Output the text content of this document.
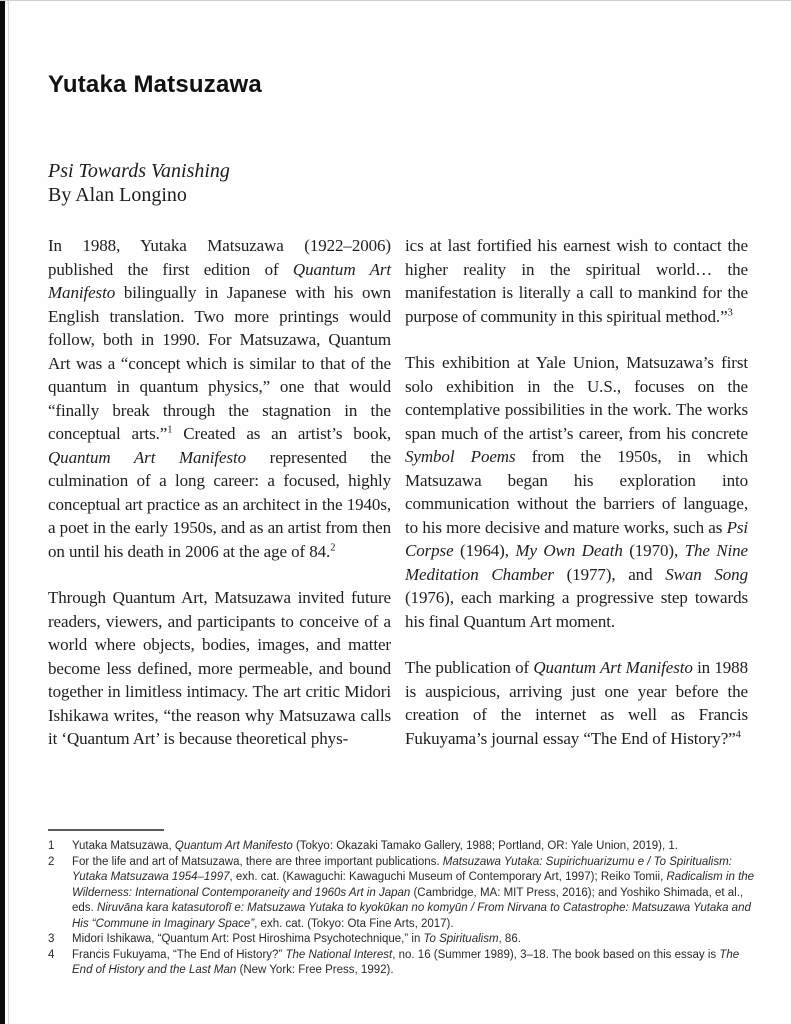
Yutaka Matsuzawa
Psi Towards Vanishing
By Alan Longino

In 1988, Yutaka Matsuzawa (1922–2006) published the first edition of Quantum Art Manifesto bilingually in Japanese with his own English translation. Two more printings would follow, both in 1990. For Matsuzawa, Quantum Art was a “concept which is similar to that of the quantum in quantum physics,” one that would “finally break through the stagnation in the conceptual arts.”$^1$ Created as an artist’s book, Quantum Art Manifesto represented the culmination of a long career: a focused, highly conceptual art practice as an architect in the 1940s, a poet in the early 1950s, and as an artist from then on until his death in 2006 at the age of 84.$^2$

Through Quantum Art, Matsuzawa invited future readers, viewers, and participants to conceive of a world where objects, bodies, images, and matter become less defined, more permeable, and bound together in limitless intimacy. The art critic Midori Ishikawa writes, “the reason why Matsuzawa calls it ‘Quantum Art’ is because theoretical phys-

ics at last fortified his earnest wish to contact the higher reality in the spiritual world… the manifestation is literally a call to mankind for the purpose of community in this spiritual method.”$^3$

This exhibition at Yale Union, Matsuzawa’s first solo exhibition in the U.S., focuses on the contemplative possibilities in the work. The works span much of the artist’s career, from his concrete Symbol Poems from the 1950s, in which Matsuzawa began his exploration into communication without the barriers of language, to his more decisive and mature works, such as Psi Corpse (1964), My Own Death (1970), The Nine Meditation Chamber (1977), and Swan Song (1976), each marking a progressive step towards his final Quantum Art moment.

The publication of Quantum Art Manifesto in 1988 is auspicious, arriving just one year before the creation of the internet as well as Francis Fukuyama’s journal essay “The End of History?”$^4$

1	Yutaka Matsuzawa, Quantum Art Manifesto (Tokyo: Okazaki Tamako Gallery, 1988; Portland, OR: Yale Union, 2019), 1.
2	For the life and art of Matsuzawa, there are three important publications. Matsuzawa Yutaka: Supirichuarizumu e / To Spiritualism: Yutaka Matsuzawa 1954–1997, exh. cat. (Kawaguchi: Kawaguchi Museum of Contemporary Art, 1997); Reiko Tomii, Radicalism in the Wilderness: International Contemporaneity and 1960s Art in Japan (Cambridge, MA: MIT Press, 2016); and Yoshiko Shimada, et al., eds. Niruvāna kara katasutorofī e: Matsuzawa Yutaka to kyokūkan no komyūn / From Nirvana to Catastrophe: Matsuzawa Yutaka and His “Commune in Imaginary Space”, exh. cat. (Tokyo: Ota Fine Arts, 2017).
3	Midori Ishikawa, “Quantum Art: Post Hiroshima Psychotechnique,” in To Spiritualism, 86.
4	Francis Fukuyama, “The End of History?” The National Interest, no. 16 (Summer 1989), 3–18. The book based on this essay is The End of History and the Last Man (New York: Free Press, 1992).
